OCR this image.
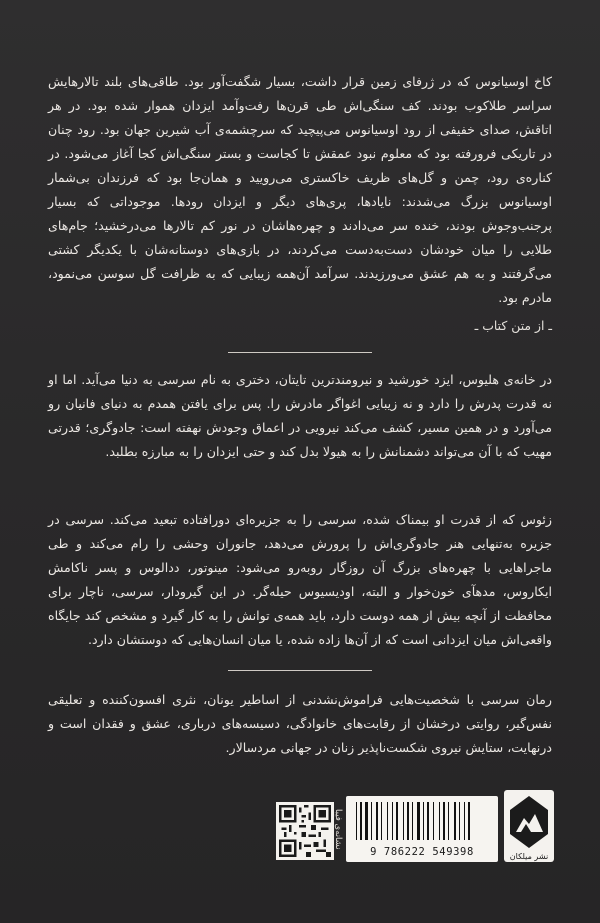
کاخ اوسیانوس که در ژرفای زمین قرار داشت، بسیار شگفت‌آور بود. طاقی‌های بلند تالارهایش سراسر طلاکوب بودند. کف سنگی‌اش طی قرن‌ها رفت‌وآمد ایزدان هموار شده بود. در هر اتاقش، صدای خفیفی از رود اوسیانوس می‌پیچید که سرچشمه‌ی آب شیرین جهان بود. رود چنان در تاریکی فرورفته بود که معلوم نبود عمقش تا کجاست و بستر سنگی‌اش کجا آغاز می‌شود. در کناره‌ی رود، چمن و گل‌های ظریف خاکستری می‌رویید و همان‌جا بود که فرزندان بی‌شمار اوسیانوس بزرگ می‌شدند: نایادها، پری‌های دیگر و ایزدان رودها. موجوداتی که بسیار پرجنب‌وجوش بودند، خنده سر می‌دادند و چهره‌هاشان در نور کم تالارها می‌درخشید؛ جام‌های طلایی را میان خودشان دست‌به‌دست می‌کردند، در بازی‌های دوستانه‌شان با یکدیگر کشتی می‌گرفتند و به هم عشق می‌ورزیدند. سرآمد آن‌همه زیبایی که به ظرافت گل سوسن می‌نمود، مادرم بود.
ـ از متن کتاب ـ
در خانه‌ی هلیوس، ایزد خورشید و نیرومندترین تایتان، دختری به نام سرسی به دنیا می‌آید. اما او نه قدرت پدرش را دارد و نه زیبایی اغواگر مادرش را. پس برای یافتن همدم به دنیای فانیان رو می‌آورد و در همین مسیر، کشف می‌کند نیرویی در اعماق وجودش نهفته است: جادوگری؛ قدرتی مهیب که با آن می‌تواند دشمنانش را به هیولا بدل کند و حتی ایزدان را به مبارزه بطلبد.
زئوس که از قدرت او بیمناک شده، سرسی را به جزیره‌ای دورافتاده تبعید می‌کند. سرسی در جزیره به‌تنهایی هنر جادوگری‌اش را پرورش می‌دهد، جانوران وحشی را رام می‌کند و طی ماجراهایی با چهره‌های بزرگ آن روزگار روبه‌رو می‌شود: مینوتور، ددالوس و پسر ناکامش ایکاروس، مدهآی خون‌خوار و البته، اودیسیوس حیله‌گر. در این گیرودار، سرسی، ناچار برای محافظت از آنچه بیش از همه دوست دارد، باید همه‌ی توانش را به کار گیرد و مشخص کند جایگاه واقعی‌اش میان ایزدانی است که از آن‌ها زاده شده، یا میان انسان‌هایی که دوستشان دارد.
رمان سرسی با شخصیت‌هایی فراموش‌نشدنی از اساطیر یونان، نثری افسون‌کننده و تعلیقی نفس‌گیر، روایتی درخشان از رقابت‌های خانوادگی، دسیسه‌های درباری، عشق و فقدان است و درنهایت، ستایش نیروی شکست‌ناپذیر زنان در جهانی مردسالار.
نشانه‌ی فیبا
9 786222 549398	نشر میلکان
